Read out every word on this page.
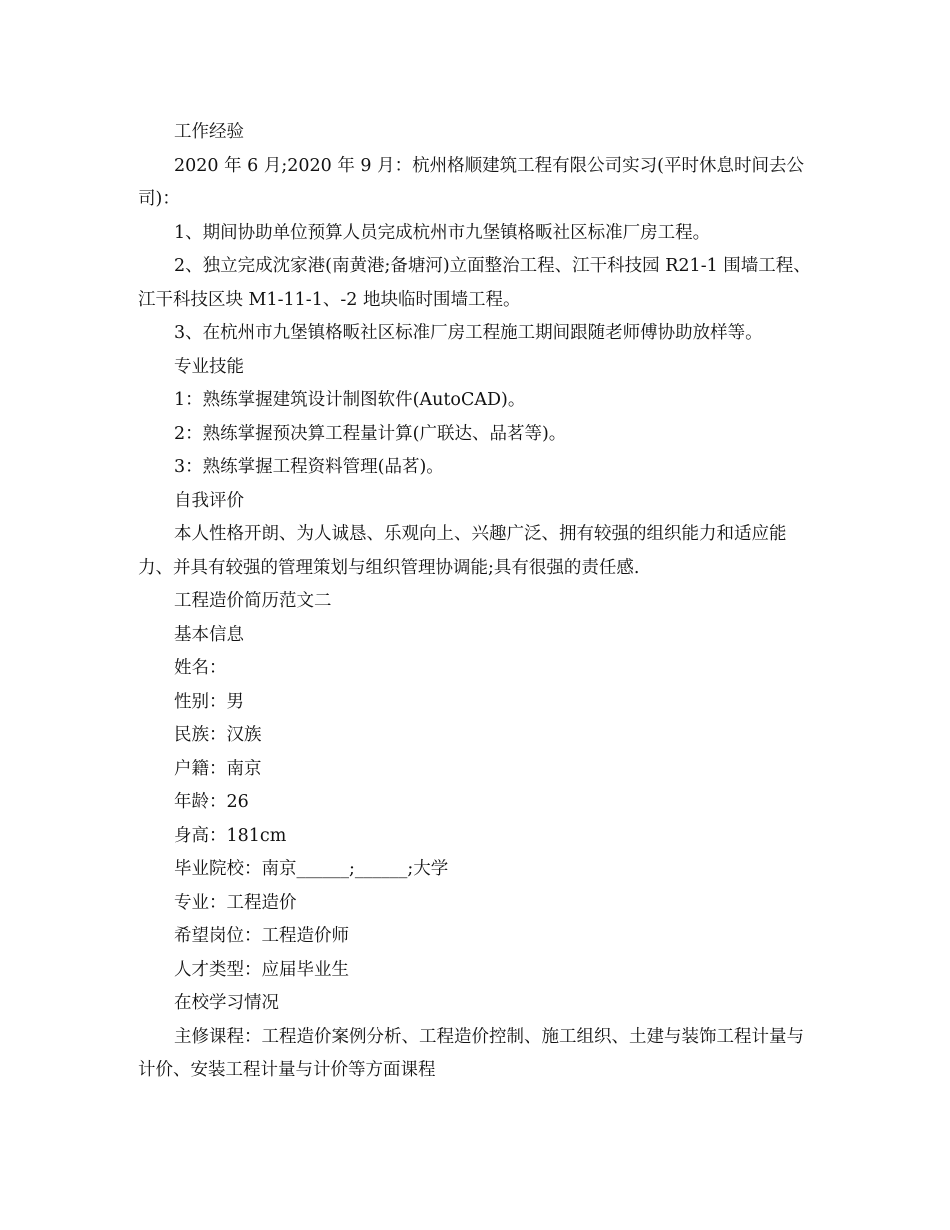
工作经验

2020 年 6 月;2020 年 9 月：杭州格顺建筑工程有限公司实习(平时休息时间去公司)：

1、期间协助单位预算人员完成杭州市九堡镇格畈社区标准厂房工程。

2、独立完成沈家港(南黄港;备塘河)立面整治工程、江干科技园 R21-1 围墙工程、江干科技区块 M1-11-1、-2 地块临时围墙工程。

3、在杭州市九堡镇格畈社区标准厂房工程施工期间跟随老师傅协助放样等。

专业技能

1：熟练掌握建筑设计制图软件(AutoCAD)。

2：熟练掌握预决算工程量计算(广联达、品茗等)。

3：熟练掌握工程资料管理(品茗)。

自我评价

本人性格开朗、为人诚恳、乐观向上、兴趣广泛、拥有较强的组织能力和适应能力、并具有较强的管理策划与组织管理协调能;具有很强的责任感.

工程造价简历范文二

基本信息

姓名：

性别：男

民族：汉族

户籍：南京

年龄：26

身高：181cm

毕业院校：南京______;______;大学

专业：工程造价

希望岗位：工程造价师

人才类型：应届毕业生

在校学习情况

主修课程：工程造价案例分析、工程造价控制、施工组织、土建与装饰工程计量与计价、安装工程计量与计价等方面课程
